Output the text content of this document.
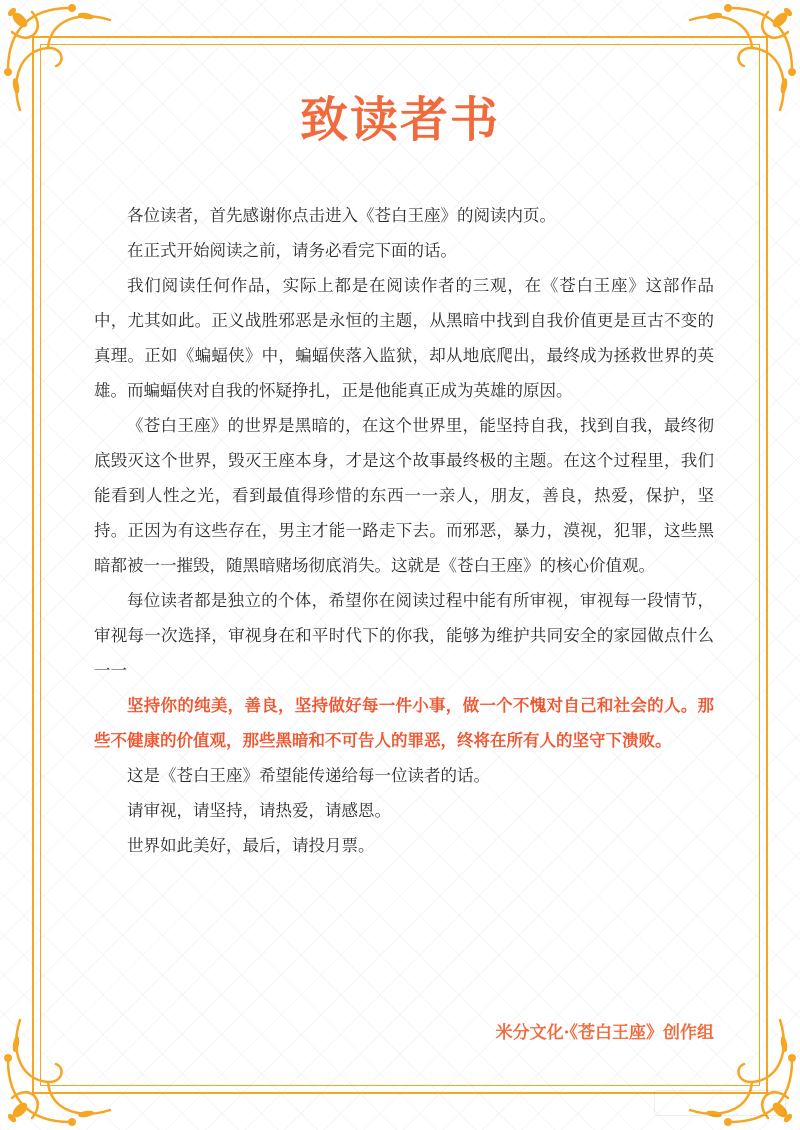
致读者书

各位读者，首先感谢你点击进入《苍白王座》的阅读内页。

在正式开始阅读之前，请务必看完下面的话。

我们阅读任何作品，实际上都是在阅读作者的三观，在《苍白王座》这部作品中，尤其如此。正义战胜邪恶是永恒的主题，从黑暗中找到自我价值更是亘古不变的真理。正如《蝙蝠侠》中，蝙蝠侠落入监狱，却从地底爬出，最终成为拯救世界的英雄。而蝙蝠侠对自我的怀疑挣扎，正是他能真正成为英雄的原因。

《苍白王座》的世界是黑暗的，在这个世界里，能坚持自我，找到自我，最终彻底毁灭这个世界，毁灭王座本身，才是这个故事最终极的主题。在这个过程里，我们能看到人性之光，看到最值得珍惜的东西一一亲人，朋友，善良，热爱，保护，坚持。正因为有这些存在，男主才能一路走下去。而邪恶，暴力，漠视，犯罪，这些黑暗都被一一摧毁，随黑暗赌场彻底消失。这就是《苍白王座》的核心价值观。

每位读者都是独立的个体，希望你在阅读过程中能有所审视，审视每一段情节，审视每一次选择，审视身在和平时代下的你我，能够为维护共同安全的家园做点什么一一

坚持你的纯美，善良，坚持做好每一件小事，做一个不愧对自己和社会的人。那些不健康的价值观，那些黑暗和不可告人的罪恶，终将在所有人的坚守下溃败。

这是《苍白王座》希望能传递给每一位读者的话。

请审视，请坚持，请热爱，请感恩。

世界如此美好，最后，请投月票。

米分文化·《苍白王座》创作组
